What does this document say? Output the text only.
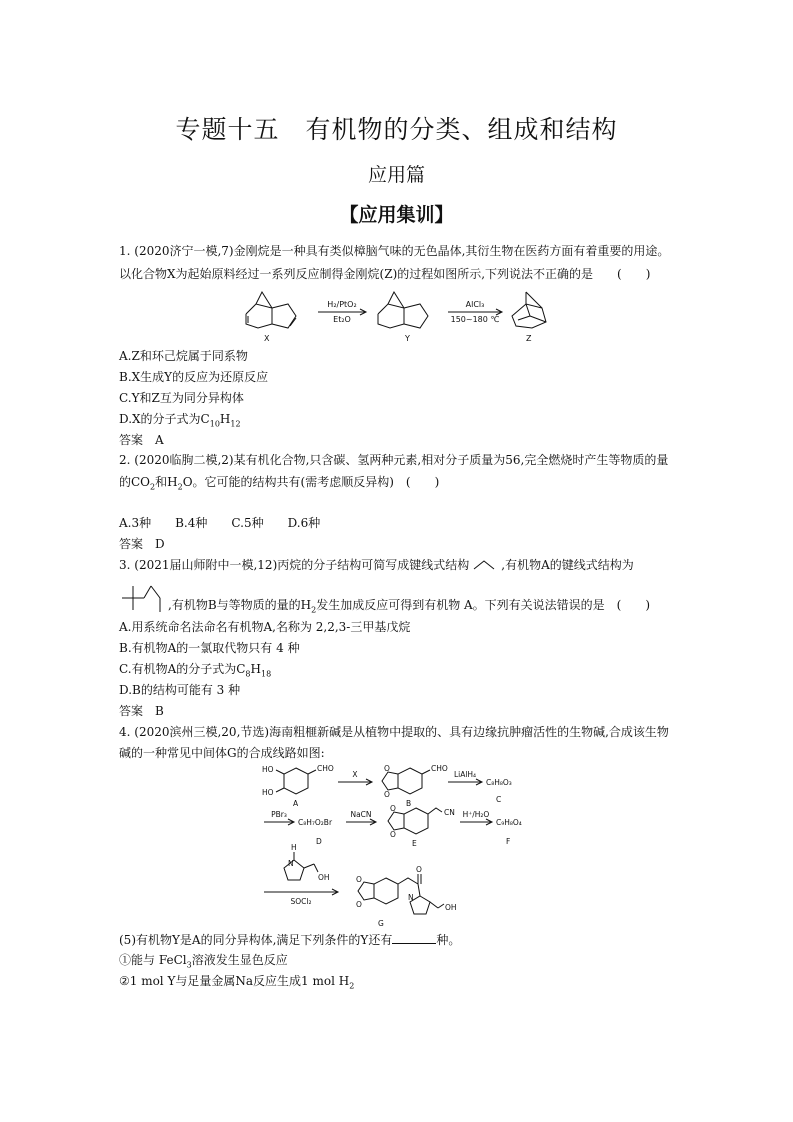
专题十五　有机物的分类、组成和结构
应用篇
【应用集训】
1. (2020济宁一模,7)金刚烷是一种具有类似樟脑气味的无色晶体,其衍生物在医药方面有着重要的用途。
以化合物X为起始原料经过一系列反应制得金刚烷(Z)的过程如图所示,下列说法不正确的是　　(　　)
X	Y	Z
H₂/PtO₂
Et₂O
AlCl₃
150~180 ℃
A.Z和环己烷属于同系物
B.X生成Y的反应为还原反应
C.Y和Z互为同分异构体
D.X的分子式为$C_{10}H_{12}$
答案　A
2. (2020临朐二模,2)某有机化合物,只含碳、氢两种元素,相对分子质量为56,完全燃烧时产生等物质的量
的$CO_2$和$H_2O$。它可能的结构共有(需考虑顺反异构)　(　　)
A.3种　　B.4种　　C.5种　　D.6种
答案　D
3. (2021届山师附中一模,12)丙烷的分子结构可简写成键线式结构	,有机物A的键线式结构为
,有机物B与等物质的量的$H_2$发生加成反应可得到有机物 A。下列有关说法错误的是　(　　)
A.用系统命名法命名有机物A,名称为 2,2,3-三甲基戊烷
B.有机物A的一氯取代物只有 4 种
C.有机物A的分子式为$C_8H_{18}$
D.B的结构可能有 3 种
答案　B
4. (2020滨州三模,20,节选)海南粗榧新碱是从植物中提取的、具有边缘抗肿瘤活性的生物碱,合成该生物
碱的一种常见中间体G的合成线路如图:
CHO
HO
HO
A
X
CHO
O
O
B
LiAlH₄
C₈H₈O₃
C
PBr₃
C₈H₇O₂Br
D
NaCN	CN
O
O
E
H⁺/H₂O
C₉H₈O₄
F
H
N
OH
SOCl₂
O
O
O
N
OH
G
(5)有机物Y是A的同分异构体,满足下列条件的Y还有	种。
①能与 FeCl$_3$溶液发生显色反应
②1 mol Y与足量金属Na反应生成1 mol $H_2$
